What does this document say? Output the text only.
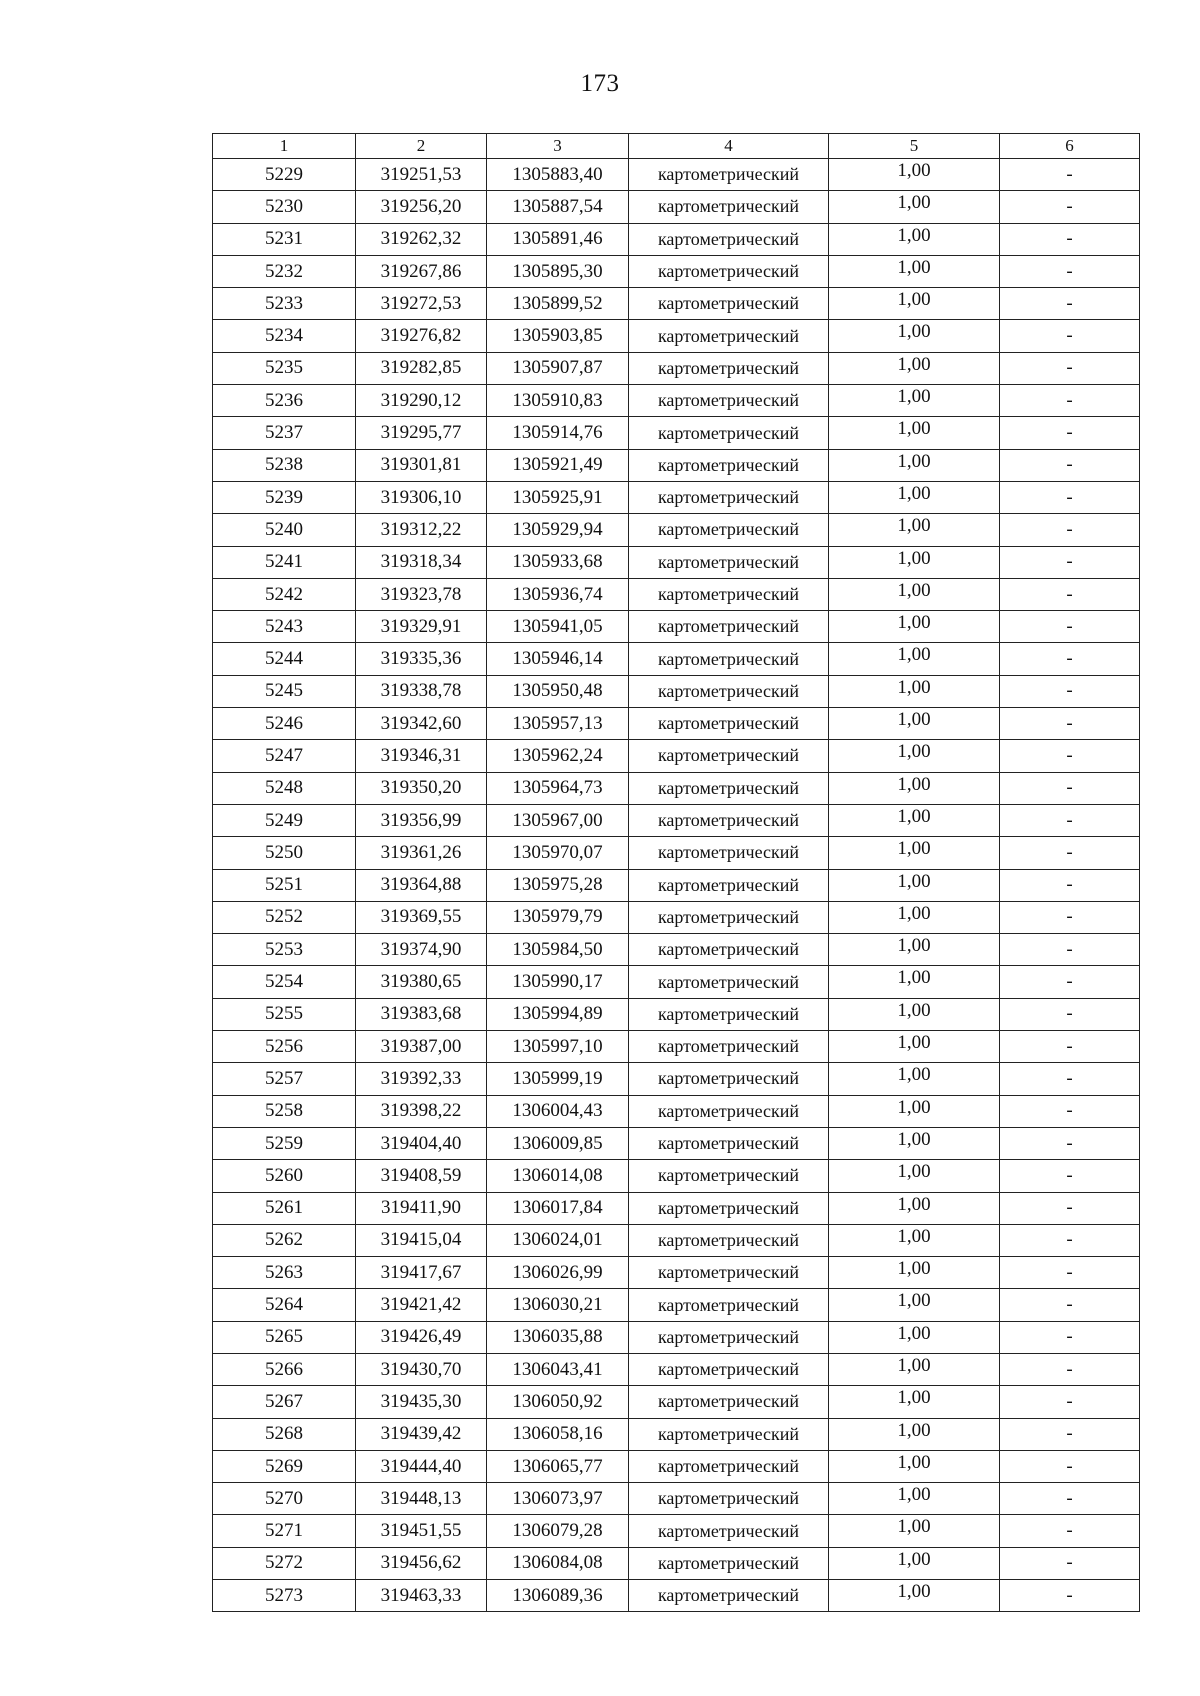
173
1	2	3	4	5	6
5229	319251,53	1305883,40	картометрический	1,00	-
5230	319256,20	1305887,54	картометрический	1,00	-
5231	319262,32	1305891,46	картометрический	1,00	-
5232	319267,86	1305895,30	картометрический	1,00	-
5233	319272,53	1305899,52	картометрический	1,00	-
5234	319276,82	1305903,85	картометрический	1,00	-
5235	319282,85	1305907,87	картометрический	1,00	-
5236	319290,12	1305910,83	картометрический	1,00	-
5237	319295,77	1305914,76	картометрический	1,00	-
5238	319301,81	1305921,49	картометрический	1,00	-
5239	319306,10	1305925,91	картометрический	1,00	-
5240	319312,22	1305929,94	картометрический	1,00	-
5241	319318,34	1305933,68	картометрический	1,00	-
5242	319323,78	1305936,74	картометрический	1,00	-
5243	319329,91	1305941,05	картометрический	1,00	-
5244	319335,36	1305946,14	картометрический	1,00	-
5245	319338,78	1305950,48	картометрический	1,00	-
5246	319342,60	1305957,13	картометрический	1,00	-
5247	319346,31	1305962,24	картометрический	1,00	-
5248	319350,20	1305964,73	картометрический	1,00	-
5249	319356,99	1305967,00	картометрический	1,00	-
5250	319361,26	1305970,07	картометрический	1,00	-
5251	319364,88	1305975,28	картометрический	1,00	-
5252	319369,55	1305979,79	картометрический	1,00	-
5253	319374,90	1305984,50	картометрический	1,00	-
5254	319380,65	1305990,17	картометрический	1,00	-
5255	319383,68	1305994,89	картометрический	1,00	-
5256	319387,00	1305997,10	картометрический	1,00	-
5257	319392,33	1305999,19	картометрический	1,00	-
5258	319398,22	1306004,43	картометрический	1,00	-
5259	319404,40	1306009,85	картометрический	1,00	-
5260	319408,59	1306014,08	картометрический	1,00	-
5261	319411,90	1306017,84	картометрический	1,00	-
5262	319415,04	1306024,01	картометрический	1,00	-
5263	319417,67	1306026,99	картометрический	1,00	-
5264	319421,42	1306030,21	картометрический	1,00	-
5265	319426,49	1306035,88	картометрический	1,00	-
5266	319430,70	1306043,41	картометрический	1,00	-
5267	319435,30	1306050,92	картометрический	1,00	-
5268	319439,42	1306058,16	картометрический	1,00	-
5269	319444,40	1306065,77	картометрический	1,00	-
5270	319448,13	1306073,97	картометрический	1,00	-
5271	319451,55	1306079,28	картометрический	1,00	-
5272	319456,62	1306084,08	картометрический	1,00	-
5273	319463,33	1306089,36	картометрический	1,00	-
